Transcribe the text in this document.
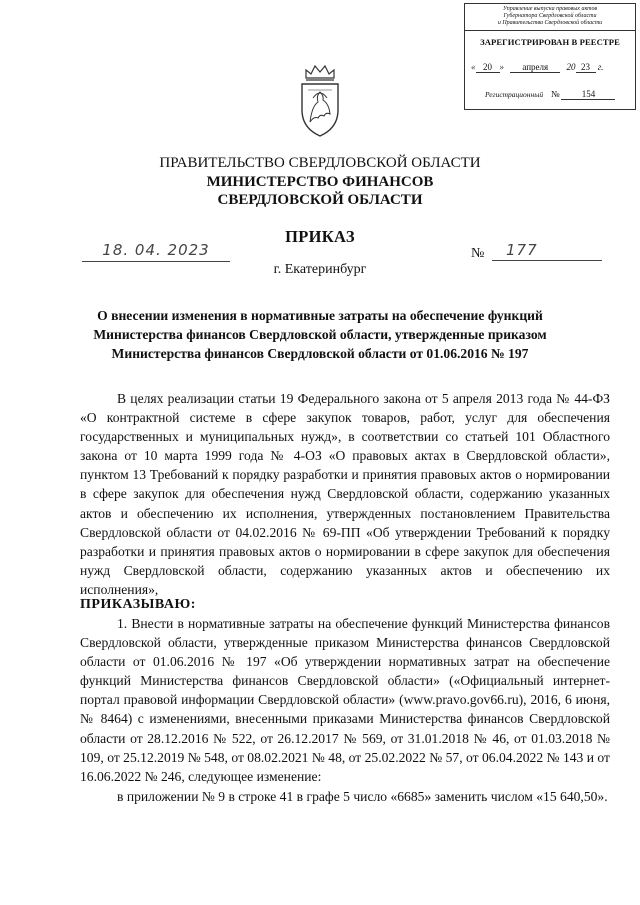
Управление выпуска правовых актов
Губернатора Свердловской области
и Правительства Свердловской области
ЗАРЕГИСТРИРОВАН В РЕЕСТРЕ
« 20 » апреля 20 23 г.
Регистрационный № 154
ПРАВИТЕЛЬСТВО СВЕРДЛОВСКОЙ ОБЛАСТИ
МИНИСТЕРСТВО ФИНАНСОВ
СВЕРДЛОВСКОЙ ОБЛАСТИ
ПРИКАЗ
18. 04. 2023	№	177
г. Екатеринбург
О внесении изменения в нормативные затраты на обеспечение функций
Министерства финансов Свердловской области, утвержденные приказом
Министерства финансов Свердловской области от 01.06.2016 № 197

В целях реализации статьи 19 Федерального закона от 5 апреля 2013 года № 44-ФЗ «О контрактной системе в сфере закупок товаров, работ, услуг для обеспечения государственных и муниципальных нужд», в соответствии со статьей 101 Областного закона от 10 марта 1999 года № 4-ОЗ «О правовых актах в Свердловской области», пунктом 13 Требований к порядку разработки и принятия правовых актов о нормировании в сфере закупок для обеспечения нужд Свердловской области, содержанию указанных актов и обеспечению их исполнения, утвержденных постановлением Правительства Свердловской области от 04.02.2016 № 69-ПП «Об утверждении Требований к порядку разработки и принятия правовых актов о нормировании в сфере закупок для обеспечения нужд Свердловской области, содержанию указанных актов и обеспечению их исполнения»,

ПРИКАЗЫВАЮ:

1. Внести в нормативные затраты на обеспечение функций Министерства финансов Свердловской области, утвержденные приказом Министерства финансов Свердловской области от 01.06.2016 № 197 «Об утверждении нормативных затрат на обеспечение функций Министерства финансов Свердловской области» («Официальный интернет-портал правовой информации Свердловской области» (www.pravo.gov66.ru), 2016, 6 июня, № 8464) с изменениями, внесенными приказами Министерства финансов Свердловской области от 28.12.2016 № 522, от 26.12.2017 № 569, от 31.01.2018 № 46, от 01.03.2018 № 109, от 25.12.2019 № 548, от 08.02.2021 № 48, от 25.02.2022 № 57, от 06.04.2022 № 143 и от 16.06.2022 № 246, следующее изменение:

в приложении № 9 в строке 41 в графе 5 число «6685» заменить числом «15 640,50».
